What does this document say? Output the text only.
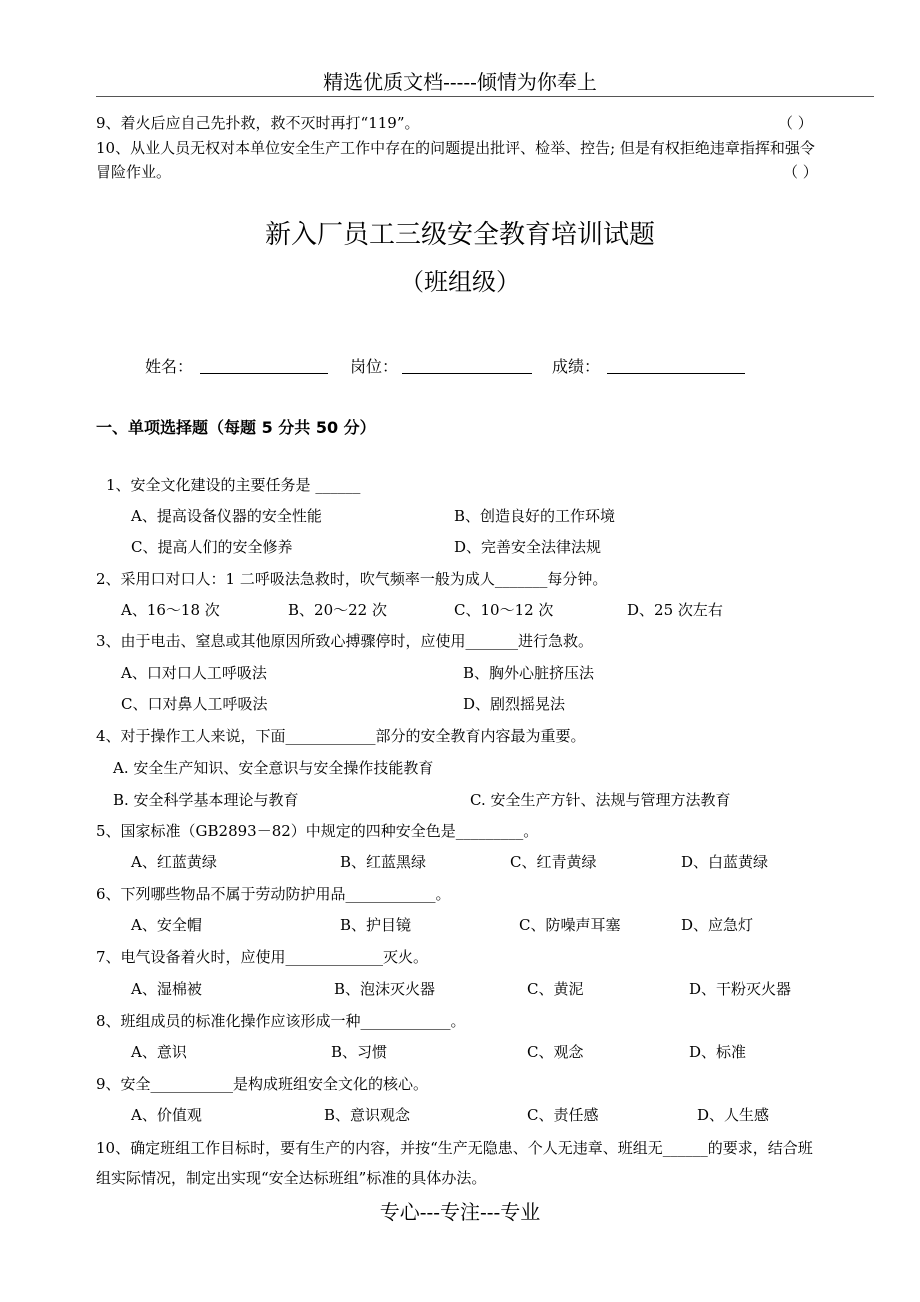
精选优质文档-----倾情为你奉上
9、着火后应自己先扑救，救不灭时再打“119”。	（ ）
10、从业人员无权对本单位安全生产工作中存在的问题提出批评、检举、控告; 但是有权拒绝违章指挥和强令
冒险作业。	（ ）
新入厂员工三级安全教育培训试题
（班组级）
姓名：	岗位：	成绩：
一、单项选择题（每题 5 分共 50 分）
1、安全文化建设的主要任务是 ______
A、提高设备仪器的安全性能	B、创造良好的工作环境
C、提高人们的安全修养	D、完善安全法律法规
2、采用口对口人：1 二呼吸法急救时，吹气频率一般为成人_______每分钟。
A、16～18 次	B、20～22 次	C、10～12 次	D、25 次左右
3、由于电击、窒息或其他原因所致心搏骤停时，应使用_______进行急救。
A、口对口人工呼吸法	B、胸外心脏挤压法
C、口对鼻人工呼吸法	D、剧烈摇晃法
4、对于操作工人来说，下面____________部分的安全教育内容最为重要。
A. 安全生产知识、安全意识与安全操作技能教育
B. 安全科学基本理论与教育	C. 安全生产方针、法规与管理方法教育
5、国家标准（GB2893－82）中规定的四种安全色是_________。
A、红蓝黄绿	B、红蓝黑绿	C、红青黄绿	D、白蓝黄绿
6、下列哪些物品不属于劳动防护用品____________。
A、安全帽	B、护目镜	C、防噪声耳塞	D、应急灯
7、电气设备着火时，应使用_____________灭火。
A、湿棉被	B、泡沫灭火器	C、黄泥	D、干粉灭火器
8、班组成员的标准化操作应该形成一种____________。
A、意识	B、习惯	C、观念	D、标准
9、安全___________是构成班组安全文化的核心。
A、价值观	B、意识观念	C、责任感	D、人生感
10、确定班组工作目标时，要有生产的内容，并按“生产无隐患、个人无违章、班组无______的要求，结合班
组实际情况，制定出实现“安全达标班组”标准的具体办法。
专心---专注---专业
